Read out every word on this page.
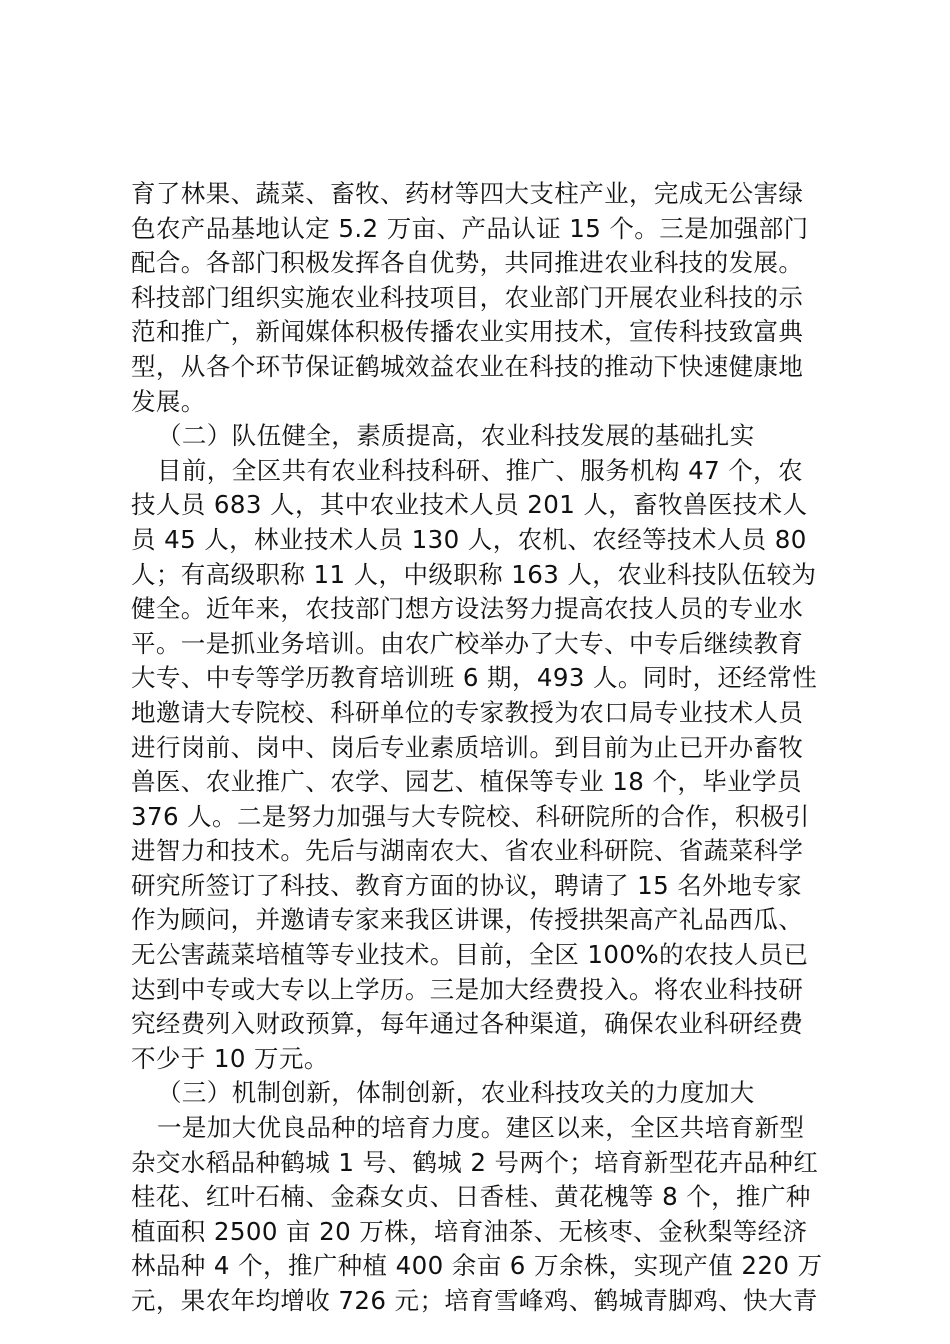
育了林果、蔬菜、畜牧、药材等四大支柱产业，完成无公害绿
色农产品基地认定 5.2 万亩、产品认证 15 个。三是加强部门
配合。各部门积极发挥各自优势，共同推进农业科技的发展。
科技部门组织实施农业科技项目，农业部门开展农业科技的示
范和推广，新闻媒体积极传播农业实用技术，宣传科技致富典
型，从各个环节保证鹤城效益农业在科技的推动下快速健康地
发展。
（二）队伍健全，素质提高，农业科技发展的基础扎实
目前，全区共有农业科技科研、推广、服务机构 47 个，农
技人员 683 人，其中农业技术人员 201 人，畜牧兽医技术人
员 45 人，林业技术人员 130 人，农机、农经等技术人员 80
人；有高级职称 11 人，中级职称 163 人，农业科技队伍较为
健全。近年来，农技部门想方设法努力提高农技人员的专业水
平。一是抓业务培训。由农广校举办了大专、中专后继续教育
大专、中专等学历教育培训班 6 期，493 人。同时，还经常性
地邀请大专院校、科研单位的专家教授为农口局专业技术人员
进行岗前、岗中、岗后专业素质培训。到目前为止已开办畜牧
兽医、农业推广、农学、园艺、植保等专业 18 个，毕业学员
376 人。二是努力加强与大专院校、科研院所的合作，积极引
进智力和技术。先后与湖南农大、省农业科研院、省蔬菜科学
研究所签订了科技、教育方面的协议，聘请了 15 名外地专家
作为顾问，并邀请专家来我区讲课，传授拱架高产礼品西瓜、
无公害蔬菜培植等专业技术。目前，全区 100%的农技人员已
达到中专或大专以上学历。三是加大经费投入。将农业科技研
究经费列入财政预算，每年通过各种渠道，确保农业科研经费
不少于 10 万元。
（三）机制创新，体制创新，农业科技攻关的力度加大
一是加大优良品种的培育力度。建区以来，全区共培育新型
杂交水稻品种鹤城 1 号、鹤城 2 号两个；培育新型花卉品种红
桂花、红叶石楠、金森女贞、日香桂、黄花槐等 8 个，推广种
植面积 2500 亩 20 万株，培育油茶、无核枣、金秋梨等经济
林品种 4 个，推广种植 400 余亩 6 万余株，实现产值 220 万
元，果农年均增收 726 元；培育雪峰鸡、鹤城青脚鸡、快大青
